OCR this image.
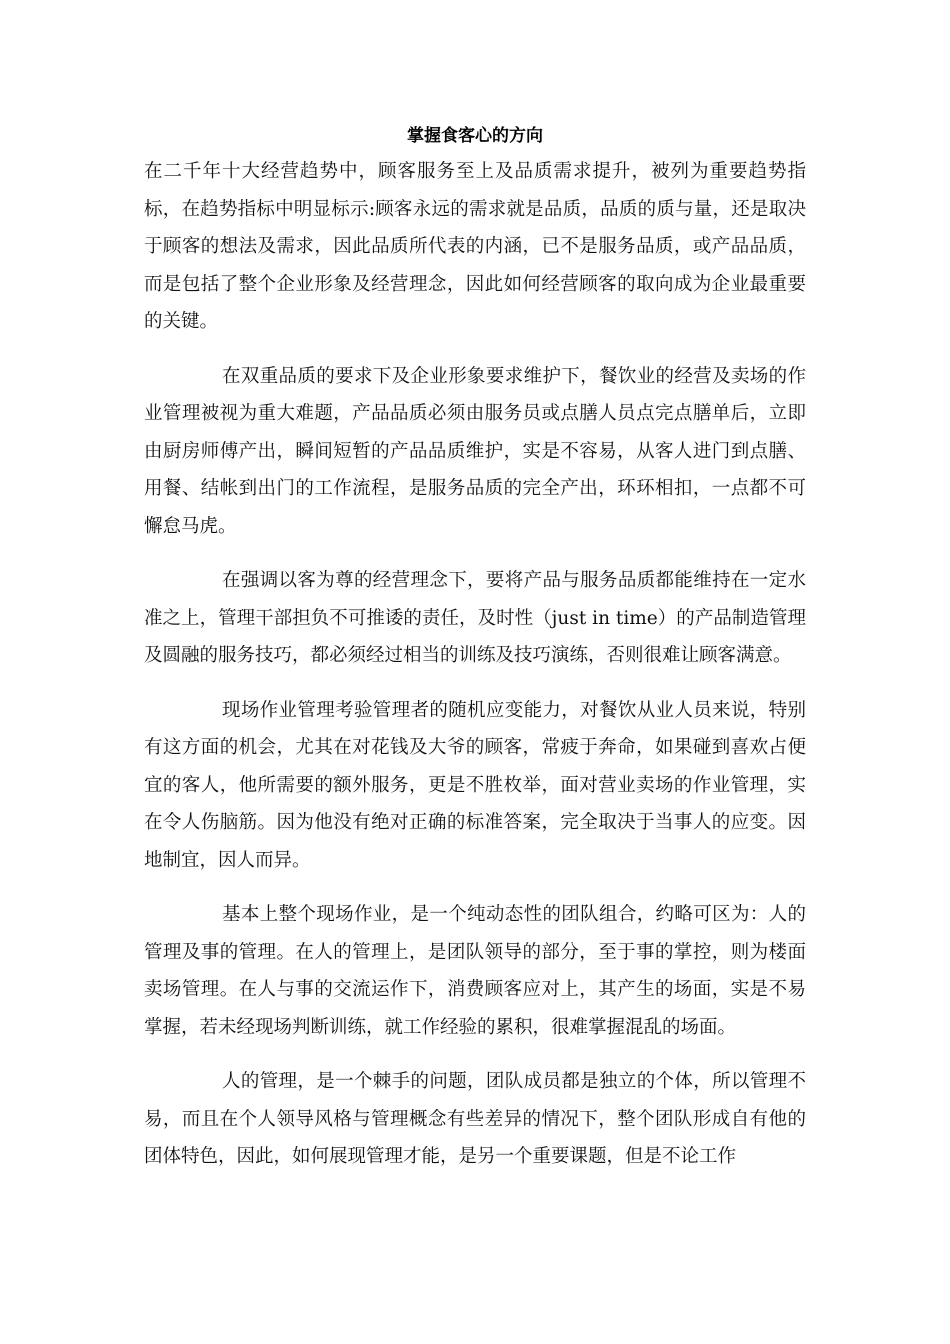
掌握食客心的方向

在二千年十大经营趋势中，顾客服务至上及品质需求提升，被列为重要趋势指标，在趋势指标中明显标示:顾客永远的需求就是品质，品质的质与量，还是取决于顾客的想法及需求，因此品质所代表的内涵，已不是服务品质，或产品品质，而是包括了整个企业形象及经营理念，因此如何经营顾客的取向成为企业最重要的关键。

在双重品质的要求下及企业形象要求维护下，餐饮业的经营及卖场的作业管理被视为重大难题，产品品质必须由服务员或点膳人员点完点膳单后，立即由厨房师傅产出，瞬间短暂的产品品质维护，实是不容易，从客人进门到点膳、用餐、结帐到出门的工作流程，是服务品质的完全产出，环环相扣，一点都不可懈怠马虎。

在强调以客为尊的经营理念下，要将产品与服务品质都能维持在一定水准之上，管理干部担负不可推诿的责任，及时性（just in time）的产品制造管理及圆融的服务技巧，都必须经过相当的训练及技巧演练，否则很难让顾客满意。

现场作业管理考验管理者的随机应变能力，对餐饮从业人员来说，特别有这方面的机会，尤其在对花钱及大爷的顾客，常疲于奔命，如果碰到喜欢占便宜的客人，他所需要的额外服务，更是不胜枚举，面对营业卖场的作业管理，实在令人伤脑筋。因为他没有绝对正确的标准答案，完全取决于当事人的应变。因地制宜，因人而异。

基本上整个现场作业，是一个纯动态性的团队组合，约略可区为：人的管理及事的管理。在人的管理上，是团队领导的部分，至于事的掌控，则为楼面卖场管理。在人与事的交流运作下，消费顾客应对上，其产生的场面，实是不易掌握，若未经现场判断训练，就工作经验的累积，很难掌握混乱的场面。

人的管理，是一个棘手的问题，团队成员都是独立的个体，所以管理不易，而且在个人领导风格与管理概念有些差异的情况下，整个团队形成自有他的团体特色，因此，如何展现管理才能，是另一个重要课题，但是不论工作
